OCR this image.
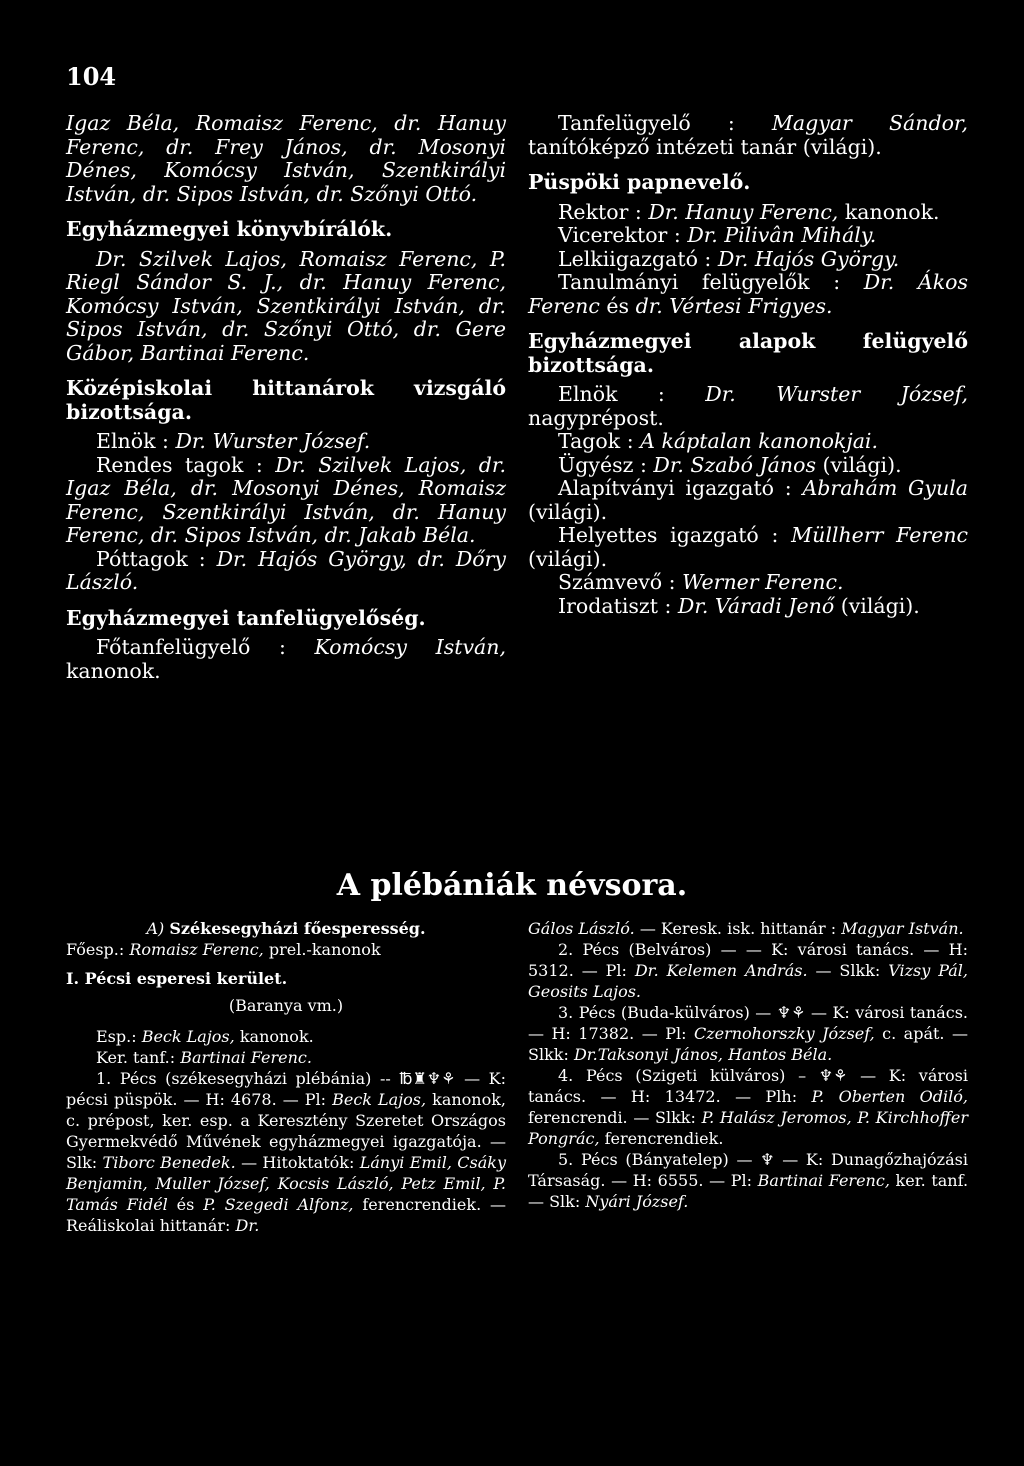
104

Igaz Béla, Romaisz Ferenc, dr. Hanuy Ferenc, dr. Frey János, dr. Mosonyi Dénes, Komócsy István, Szentkirályi István, dr. Sipos István, dr. Szőnyi Ottó.

Egyházmegyei könyvbírálók.

Dr. Szilvek Lajos, Romaisz Ferenc, P. Riegl Sándor S. J., dr. Hanuy Ferenc, Komócsy István, Szentkirályi István, dr. Sipos István, dr. Szőnyi Ottó, dr. Gere Gábor, Bartinai Ferenc.

Középiskolai hittanárok vizsgáló bizottsága.

Elnök : Dr. Wurster József.

Rendes tagok : Dr. Szilvek Lajos, dr. Igaz Béla, dr. Mosonyi Dénes, Romaisz Ferenc, Szentkirályi István, dr. Hanuy Ferenc, dr. Sipos István, dr. Jakab Béla.

Póttagok : Dr. Hajós György, dr. Dőry László.

Egyházmegyei tanfelügyelőség.

Főtanfelügyelő : Komócsy István, kanonok.

Tanfelügyelő : Magyar Sándor, tanítóképző intézeti tanár (világi).

Püspöki papnevelő.

Rektor : Dr. Hanuy Ferenc, kanonok.

Vicerektor : Dr. Pilivân Mihály.

Lelkiigazgató : Dr. Hajós György.

Tanulmányi felügyelők : Dr. Ákos Ferenc és dr. Vértesi Frigyes.

Egyházmegyei alapok felügyelő bizottsága.

Elnök : Dr. Wurster József, nagyprépost.

Tagok : A káptalan kanonokjai.

Ügyész : Dr. Szabó János (világi).

Alapítványi igazgató : Abrahám Gyula (világi).

Helyettes igazgató : Müllherr Ferenc (világi).

Számvevő : Werner Ferenc.

Irodatiszt : Dr. Váradi Jenő (világi).

A plébániák névsora.

A) Székesegyházi főesperesség.

Főesp.: Romaisz Ferenc, prel.-kanonok

I. Pécsi esperesi kerület.

(Baranya vm.)

Esp.: Beck Lajos, kanonok.

Ker. tanf.: Bartinai Ferenc.

1. Pécs (székesegyházi plébánia) -- ℔♜♆⚘ — K: pécsi püspök. — H: 4678. — Pl: Beck Lajos, kanonok, c. prépost, ker. esp. a Keresztény Szeretet Országos Gyermekvédő Művének egyházmegyei igazgatója. — Slk: Tiborc Benedek. — Hitoktatók: Lányi Emil, Csáky Benjamin, Muller József, Kocsis László, Petz Emil, P. Tamás Fidél és P. Szegedi Alfonz, ferencrendiek. — Reáliskolai hittanár: Dr.

Gálos László. — Keresk. isk. hittanár : Magyar István.

2. Pécs (Belváros) — — K: városi tanács. — H: 5312. — Pl: Dr. Kelemen András. — Slkk: Vizsy Pál, Geosits Lajos.

3. Pécs (Buda-külváros) — ♆⚘ — K: városi tanács. — H: 17382. — Pl: Czernohorszky József, c. apát. — Slkk: Dr.Taksonyi János, Hantos Béla.

4. Pécs (Szigeti külváros) – ♆⚘ — K: városi tanács. — H: 13472. — Plh: P. Oberten Odiló, ferencrendi. — Slkk: P. Halász Jeromos, P. Kirchhoffer Pongrác, ferencrendiek.

5. Pécs (Bányatelep) — ♆ — K: Dunagőzhajózási Társaság. — H: 6555. — Pl: Bartinai Ferenc, ker. tanf. — Slk: Nyári József.
